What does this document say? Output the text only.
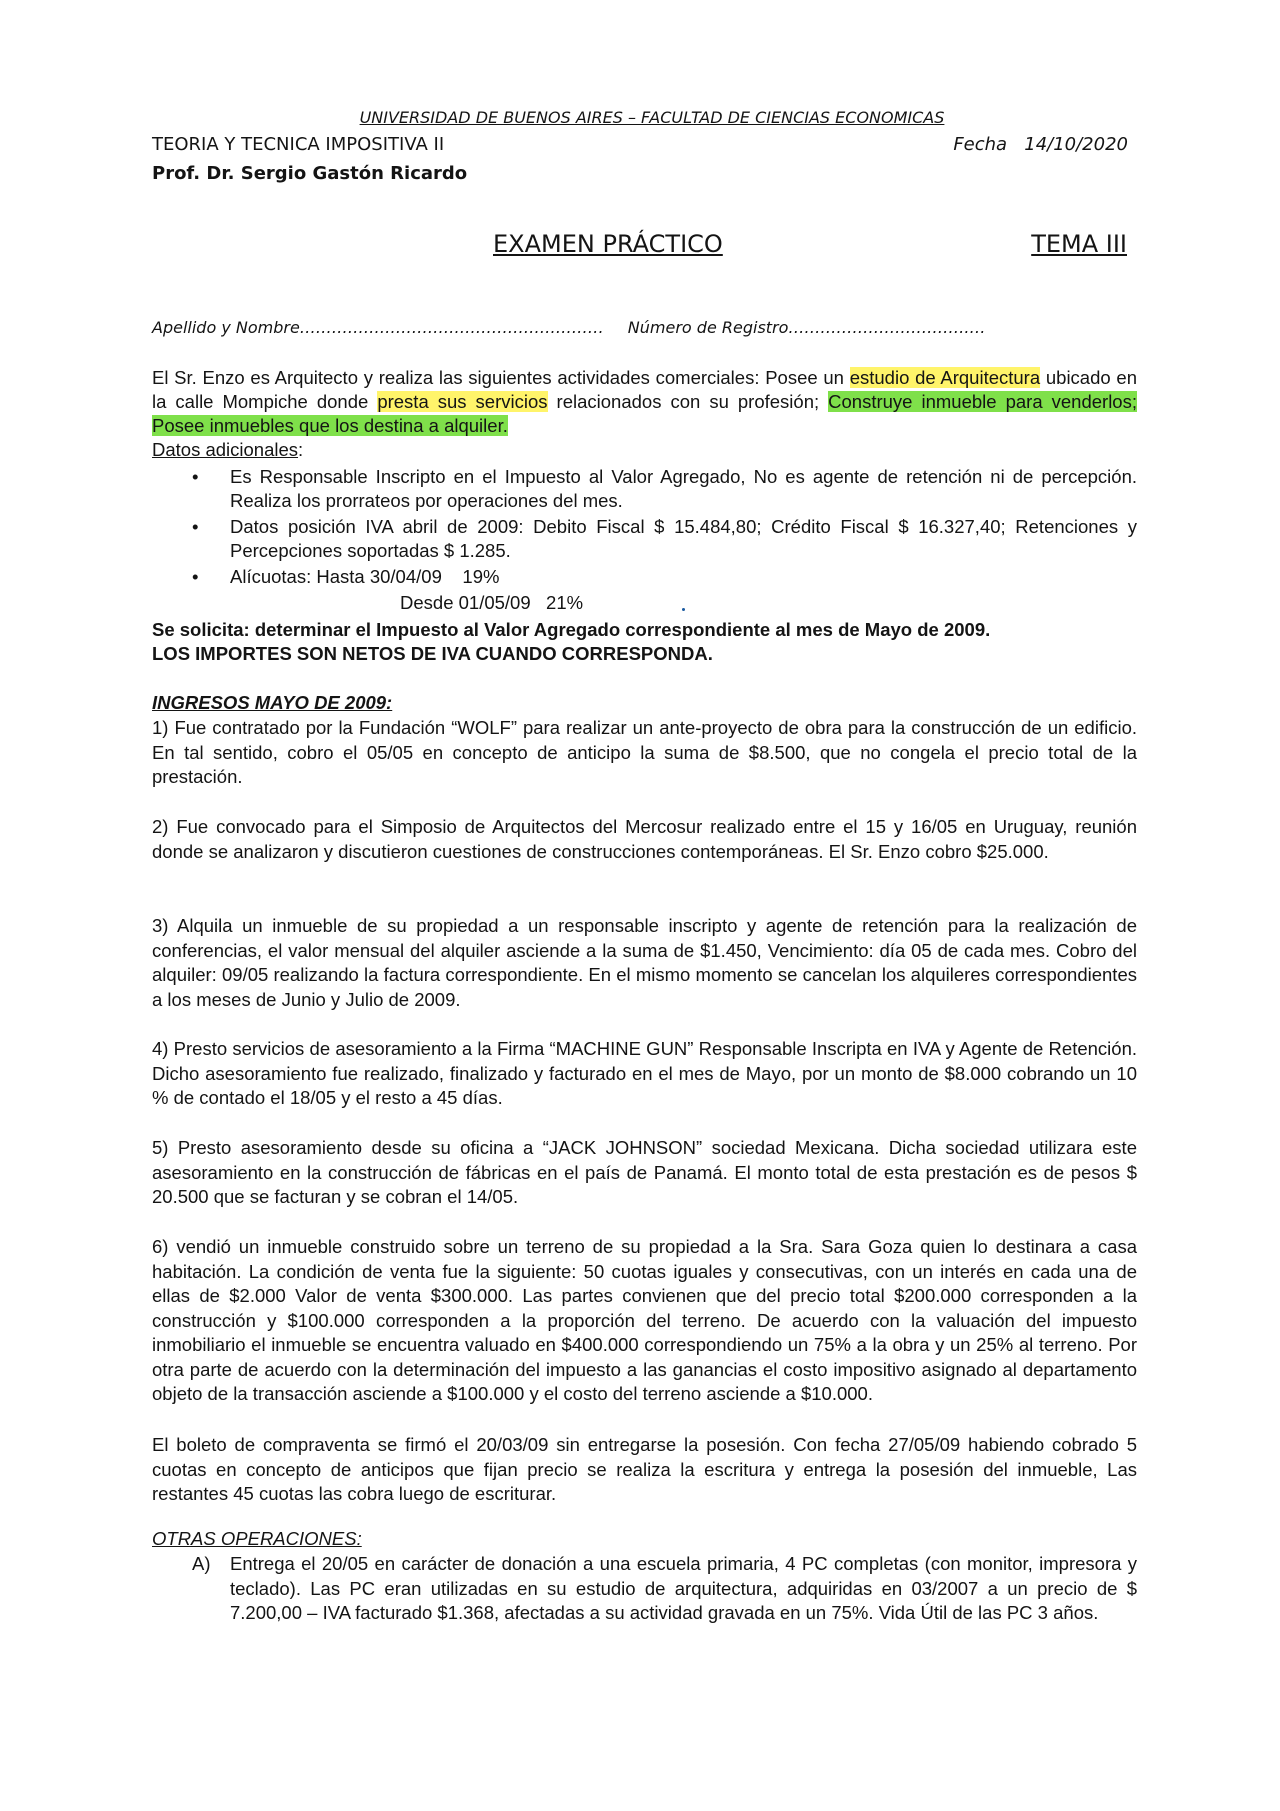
UNIVERSIDAD DE BUENOS AIRES – FACULTAD DE CIENCIAS ECONOMICAS
TEORIA Y TECNICA IMPOSITIVA II	Fecha   14/10/2020
Prof. Dr. Sergio Gastón Ricardo
EXAMEN PRÁCTICO	TEMA III
Apellido y Nombre………………………………………………… Número de Registro…………………………….…
El Sr. Enzo es Arquitecto y realiza las siguientes actividades comerciales: Posee un estudio de Arquitectura ubicado en la calle Mompiche donde presta sus servicios relacionados con su profesión; Construye inmueble para venderlos; Posee inmuebles que los destina a alquiler.
Datos adicionales:
• Es Responsable Inscripto en el Impuesto al Valor Agregado, No es agente de retención ni de percepción. Realiza los prorrateos por operaciones del mes.
• Datos posición IVA abril de 2009: Debito Fiscal $ 15.484,80; Crédito Fiscal $ 16.327,40; Retenciones y Percepciones soportadas $ 1.285.
• Alícuotas: Hasta 30/04/09    19%
Desde 01/05/09   21%
Se solicita: determinar el Impuesto al Valor Agregado correspondiente al mes de Mayo de 2009.
LOS IMPORTES SON NETOS DE IVA CUANDO CORRESPONDA.
INGRESOS MAYO DE 2009:
1) Fue contratado por la Fundación “WOLF” para realizar un ante-proyecto de obra para la construcción de un edificio. En tal sentido, cobro el 05/05 en concepto de anticipo la suma de $8.500, que no congela el precio total de la prestación.
2) Fue convocado para el Simposio de Arquitectos del Mercosur realizado entre el 15 y 16/05 en Uruguay, reunión donde se analizaron y discutieron cuestiones de construcciones contemporáneas. El Sr. Enzo cobro $25.000.
3) Alquila un inmueble de su propiedad a un responsable inscripto y agente de retención para la realización de conferencias, el valor mensual del alquiler asciende a la suma de $1.450, Vencimiento: día 05 de cada mes. Cobro del alquiler: 09/05 realizando la factura correspondiente. En el mismo momento se cancelan los alquileres correspondientes a los meses de Junio y Julio de 2009.
4) Presto servicios de asesoramiento a la Firma “MACHINE GUN” Responsable Inscripta en IVA y Agente de Retención. Dicho asesoramiento fue realizado, finalizado y facturado en el mes de Mayo, por un monto de $8.000 cobrando un 10 % de contado el 18/05 y el resto a 45 días.
5) Presto asesoramiento desde su oficina a “JACK JOHNSON” sociedad Mexicana. Dicha sociedad utilizara este asesoramiento en la construcción de fábricas en el país de Panamá. El monto total de esta prestación es de pesos $ 20.500 que se facturan y se cobran el 14/05.
6) vendió un inmueble construido sobre un terreno de su propiedad a la Sra. Sara Goza quien lo destinara a casa habitación. La condición de venta fue la siguiente: 50 cuotas iguales y consecutivas, con un interés en cada una de ellas de $2.000 Valor de venta $300.000. Las partes convienen que del precio total $200.000 corresponden a la construcción y $100.000 corresponden a la proporción del terreno. De acuerdo con la valuación del impuesto inmobiliario el inmueble se encuentra valuado en $400.000 correspondiendo un 75% a la obra y un 25% al terreno. Por otra parte de acuerdo con la determinación del impuesto a las ganancias el costo impositivo asignado al departamento objeto de la transacción asciende a $100.000 y el costo del terreno asciende a $10.000.
El boleto de compraventa se firmó el 20/03/09 sin entregarse la posesión. Con fecha 27/05/09 habiendo cobrado 5 cuotas en concepto de anticipos que fijan precio se realiza la escritura y entrega la posesión del inmueble, Las restantes 45 cuotas las cobra luego de escriturar.
OTRAS OPERACIONES:
A) Entrega el 20/05 en carácter de donación a una escuela primaria, 4 PC completas (con monitor, impresora y teclado). Las PC eran utilizadas en su estudio de arquitectura, adquiridas en 03/2007 a un precio de $ 7.200,00 – IVA facturado $1.368, afectadas a su actividad gravada en un 75%. Vida Útil de las PC 3 años.
